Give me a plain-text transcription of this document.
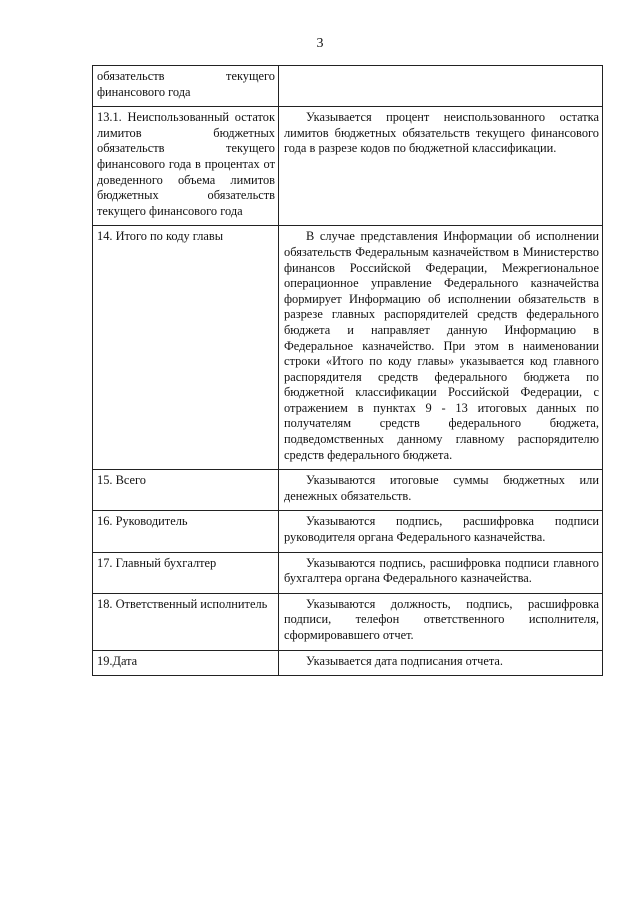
3
обязательств текущего финансового года	

13.1. Неиспользованный остаток лимитов бюджетных обязательств текущего финансового года в процентах от доведенного объема лимитов бюджетных обязательств текущего финансового года	Указывается процент неиспользованного остатка лимитов бюджетных обязательств текущего финансового года в разрезе кодов по бюджетной классификации.

14. Итого по коду главы	В случае представления Информации об исполнении обязательств Федеральным казначейством в Министерство финансов Российской Федерации, Межрегиональное операционное управление Федерального казначейства формирует Информацию об исполнении обязательств в разрезе главных распорядителей средств федерального бюджета и направляет данную Информацию в Федеральное казначейство. При этом в наименовании строки «Итого по коду главы» указывается код главного распорядителя средств федерального бюджета по бюджетной классификации Российской Федерации, с отражением в пунктах 9 - 13 итоговых данных по получателям средств федерального бюджета, подведомственных данному главному распорядителю средств федерального бюджета.

15. Всего	Указываются итоговые суммы бюджетных или денежных обязательств.

16. Руководитель	Указываются подпись, расшифровка подписи руководителя органа Федерального казначейства.

17. Главный бухгалтер	Указываются подпись, расшифровка подписи главного бухгалтера органа Федерального казначейства.

18. Ответственный исполнитель	Указываются должность, подпись, расшифровка подписи, телефон ответственного исполнителя, сформировавшего отчет.

19.Дата	Указывается дата подписания отчета.
